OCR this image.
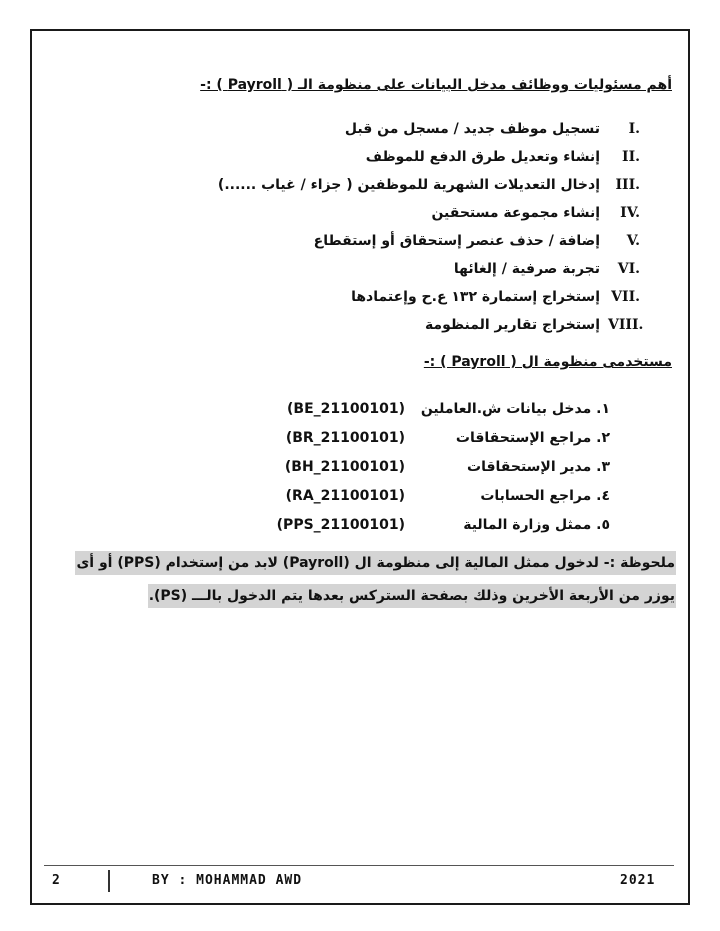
أهم مسئوليات ووظائف مدخل البيانات على منظومة الـ ( Payroll ) :-
I.تسجيل موظف جديد / مسجل من قبل
II.إنشاء وتعديل طرق الدفع للموظف
III.إدخال التعديلات الشهرية للموظفين ( جزاء / غياب ......)
IV.إنشاء مجموعة مستحقين
V.إضافة / حذف عنصر إستحقاق أو إستقطاع
VI.تجربة صرفية / إلغائها
VII.إستخراج إستمارة ١٣٢ ع.ح وإعتمادها
VIII.إستخراج تقارير المنظومة
مستخدمى منظومة ال ( Payroll ) :-
١. مدخل بيانات ش.العاملين
(BE_21100101)
٢. مراجع الإستحقاقات
(BR_21100101)
٣. مدير الإستحقاقات
(BH_21100101)
٤. مراجع الحسابات
(RA_21100101)
٥. ممثل وزارة المالية
(PPS_21100101)
ملحوظة :- لدخول ممثل المالية إلى منظومة ال (Payroll) لابد من إستخدام (PPS) أو أى
يوزر من الأربعة الأخرين وذلك بصفحة الستركس بعدها يتم الدخول بالـــ (PS).
2	BY : MOHAMMAD AWD	2021
